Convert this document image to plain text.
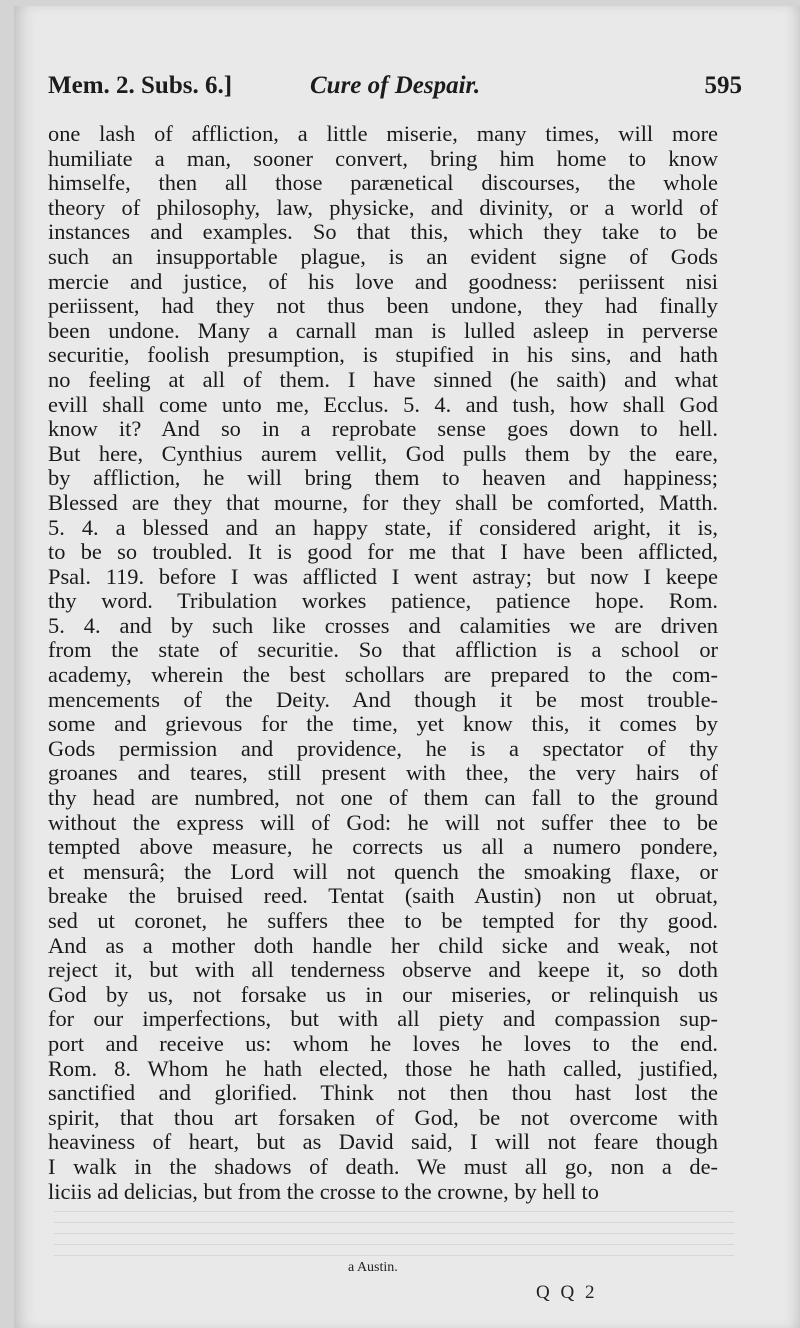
Mem. 2. Subs. 6.]	Cure of Despair.	595
one lash of affliction, a little miserie, many times, will more
humiliate a man, sooner convert, bring him home to know
himselfe, then all those parænetical discourses, the whole
theory of philosophy, law, physicke, and divinity, or a world of
instances and examples. So that this, which they take to be
such an insupportable plague, is an evident signe of Gods
mercie and justice, of his love and goodness: periissent nisi
periissent, had they not thus been undone, they had finally
been undone. Many a carnall man is lulled asleep in perverse
securitie, foolish presumption, is stupified in his sins, and hath
no feeling at all of them. I have sinned (he saith) and what
evill shall come unto me, Ecclus. 5. 4. and tush, how shall God
know it? And so in a reprobate sense goes down to hell.
But here, Cynthius aurem vellit, God pulls them by the eare,
by affliction, he will bring them to heaven and happiness;
Blessed are they that mourne, for they shall be comforted, Matth.
5. 4. a blessed and an happy state, if considered aright, it is,
to be so troubled. It is good for me that I have been afflicted,
Psal. 119. before I was afflicted I went astray; but now I keepe
thy word. Tribulation workes patience, patience hope. Rom.
5. 4. and by such like crosses and calamities we are driven
from the state of securitie. So that affliction is a school or
academy, wherein the best schollars are prepared to the com-
mencements of the Deity. And though it be most trouble-
some and grievous for the time, yet know this, it comes by
Gods permission and providence, he is a spectator of thy
groanes and teares, still present with thee, the very hairs of
thy head are numbred, not one of them can fall to the ground
without the express will of God: he will not suffer thee to be
tempted above measure, he corrects us all a numero pondere,
et mensurâ; the Lord will not quench the smoaking flaxe, or
breake the bruised reed. Tentat (saith Austin) non ut obruat,
sed ut coronet, he suffers thee to be tempted for thy good.
And as a mother doth handle her child sicke and weak, not
reject it, but with all tenderness observe and keepe it, so doth
God by us, not forsake us in our miseries, or relinquish us
for our imperfections, but with all piety and compassion sup-
port and receive us: whom he loves he loves to the end.
Rom. 8. Whom he hath elected, those he hath called, justified,
sanctified and glorified. Think not then thou hast lost the
spirit, that thou art forsaken of God, be not overcome with
heaviness of heart, but as David said, I will not feare though
I walk in the shadows of death. We must all go, non a de-
liciis ad delicias, but from the crosse to the crowne, by hell to
a Austin.
Q Q 2
